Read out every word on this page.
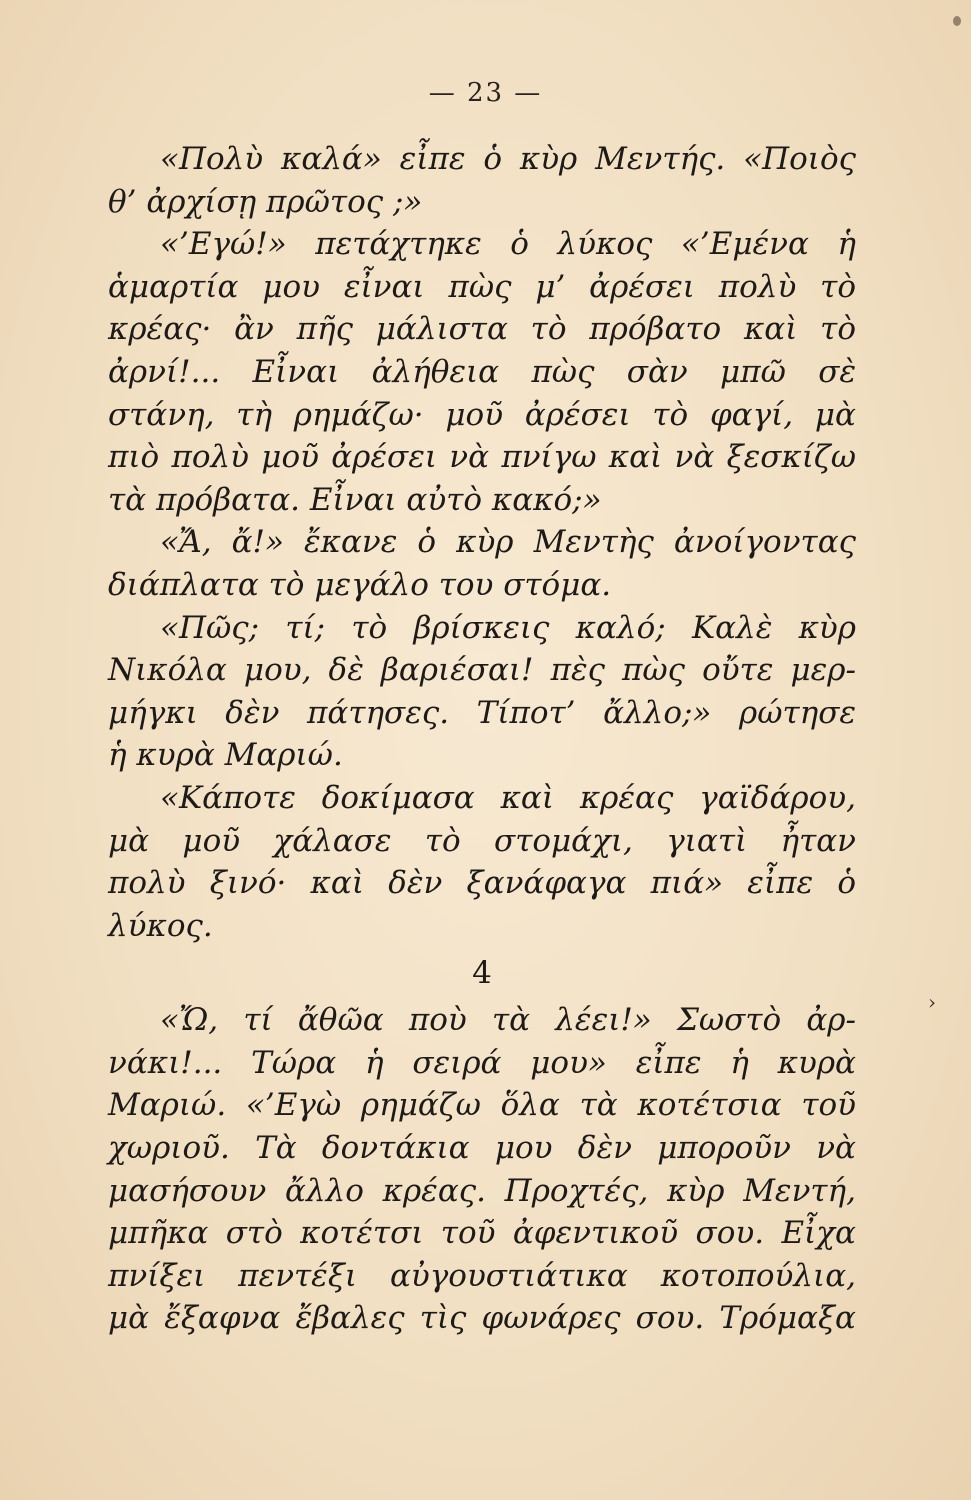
— 23 —
«Πολὺ καλά» εἶπε ὁ κὺρ Μεντής. «Ποιὸς
θ’ ἀρχίσῃ πρῶτος ;»
«’Εγώ!» πετάχτηκε ὁ λύκος «’Εμένα ἡ
ἁμαρτία μου εἶναι πὼς μ’ ἀρέσει πολὺ τὸ
κρέας· ἂν πῆς μάλιστα τὸ πρόβατο καὶ τὸ
ἀρνί!... Εἶναι ἀλήθεια πὼς σὰν μπῶ σὲ
στάνη, τὴ ρημάζω· μοῦ ἀρέσει τὸ φαγί, μὰ
πιὸ πολὺ μοῦ ἀρέσει νὰ πνίγω καὶ νὰ ξεσκίζω
τὰ πρόβατα. Εἶναι αὐτὸ κακό;»
«Ἄ, ἄ!» ἔκανε ὁ κὺρ Μεντὴς ἀνοίγοντας
διάπλατα τὸ μεγάλο του στόμα.
«Πῶς; τί; τὸ βρίσκεις καλό; Καλὲ κὺρ
Νικόλα μου, δὲ βαριέσαι! πὲς πὼς οὔτε μερ-
μήγκι δὲν πάτησες. Τίποτ’ ἄλλο;» ρώτησε
ἡ κυρὰ Μαριώ.
«Κάποτε δοκίμασα καὶ κρέας γαϊδάρου,
μὰ μοῦ χάλασε τὸ στομάχι, γιατὶ ἦταν
πολὺ ξινό· καὶ δὲν ξανάφαγα πιά» εἶπε ὁ
λύκος.
4
«Ὤ, τί ἄθῶα ποὺ τὰ λέει!» Σωστὸ ἀρ-
νάκι!... Τώρα ἡ σειρά μου» εἶπε ἡ κυρὰ
Μαριώ. «’Εγὼ ρημάζω ὅλα τὰ κοτέτσια τοῦ
χωριοῦ. Τὰ δοντάκια μου δὲν μποροῦν νὰ
μασήσουν ἄλλο κρέας. Προχτές, κὺρ Μεντή,
μπῆκα στὸ κοτέτσι τοῦ ἀφεντικοῦ σου. Εἶχα
πνίξει πεντέξι αὐγουστιάτικα κοτοπούλια,
μὰ ἔξαφνα ἔβαλες τὶς φωνάρες σου. Τρόμαξα
›
